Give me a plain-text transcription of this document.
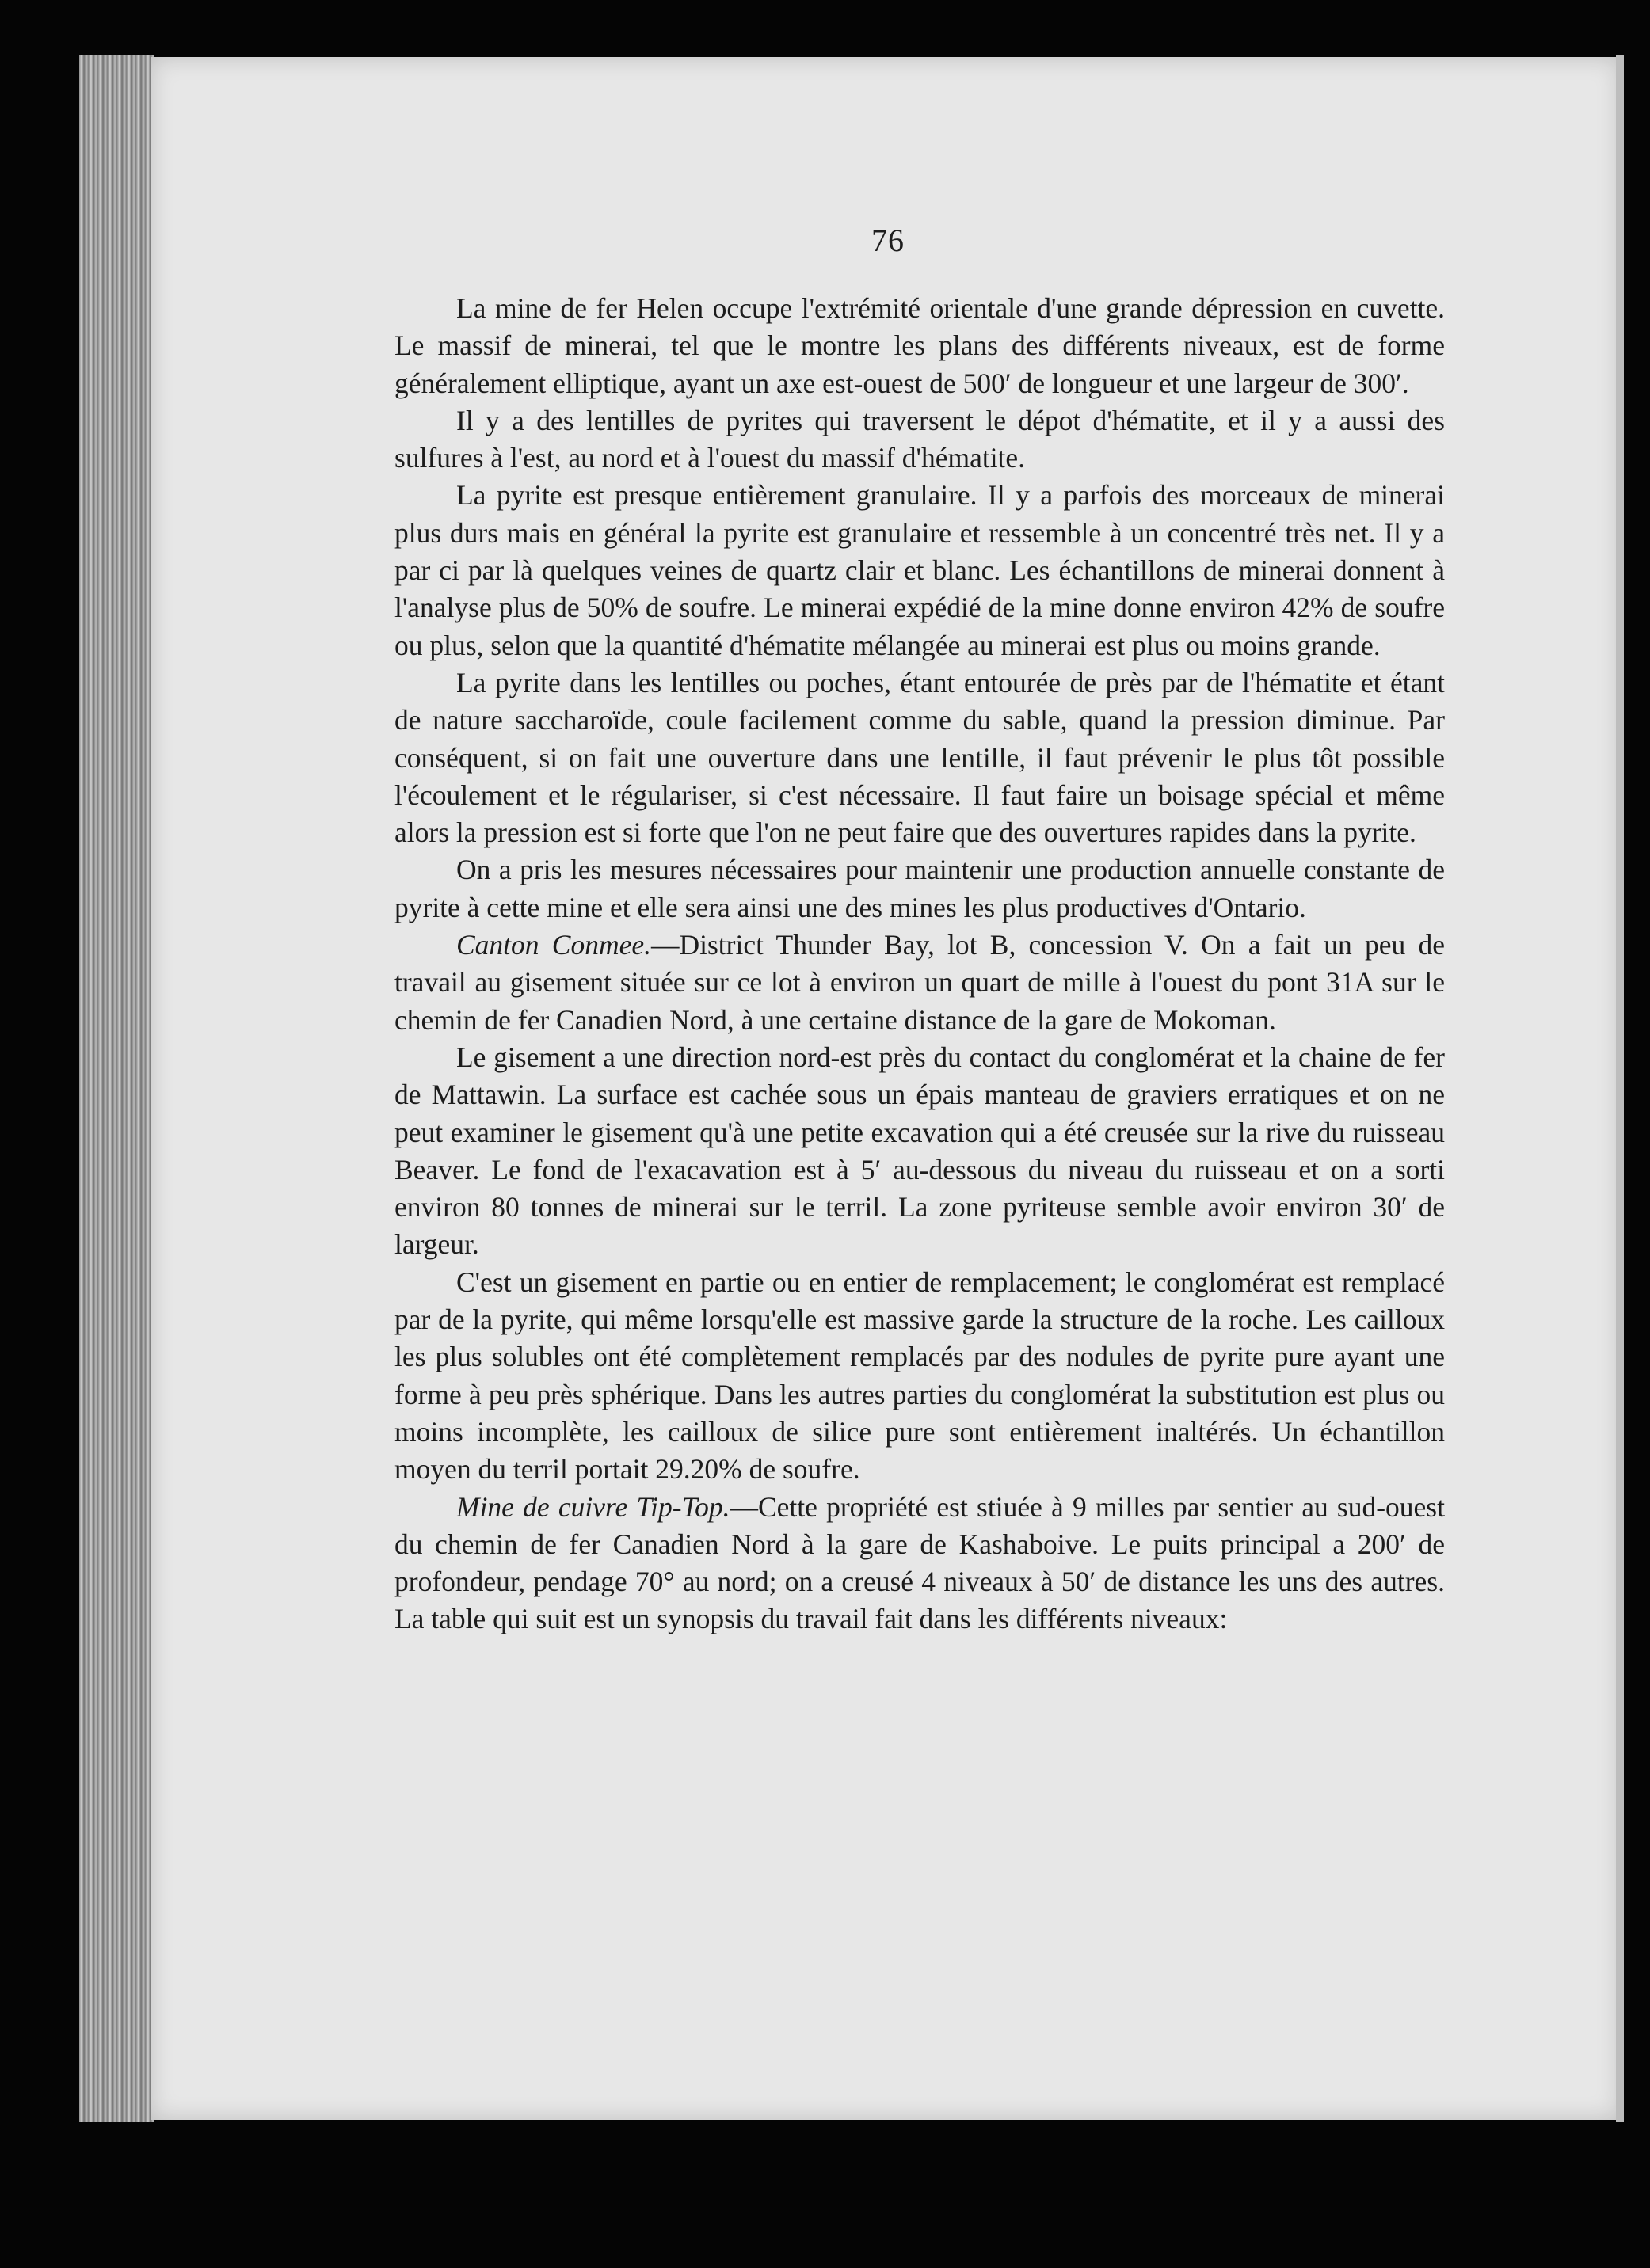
76

La mine de fer Helen occupe l'extrémité orientale d'une grande dépression en cuvette. Le massif de minerai, tel que le montre les plans des différents niveaux, est de forme généralement elliptique, ayant un axe est-ouest de 500′ de longueur et une largeur de 300′.

Il y a des lentilles de pyrites qui traversent le dépot d'hématite, et il y a aussi des sulfures à l'est, au nord et à l'ouest du massif d'hématite.

La pyrite est presque entièrement granulaire. Il y a parfois des morceaux de minerai plus durs mais en général la pyrite est granulaire et ressemble à un concentré très net. Il y a par ci par là quelques veines de quartz clair et blanc. Les échantillons de minerai donnent à l'analyse plus de 50% de soufre. Le minerai expédié de la mine donne environ 42% de soufre ou plus, selon que la quantité d'hématite mélangée au minerai est plus ou moins grande.

La pyrite dans les lentilles ou poches, étant entourée de près par de l'hématite et étant de nature saccharoïde, coule facilement comme du sable, quand la pression diminue. Par conséquent, si on fait une ouverture dans une lentille, il faut prévenir le plus tôt possible l'écoulement et le régulariser, si c'est nécessaire. Il faut faire un boisage spécial et même alors la pression est si forte que l'on ne peut faire que des ouvertures rapides dans la pyrite.

On a pris les mesures nécessaires pour maintenir une production annuelle constante de pyrite à cette mine et elle sera ainsi une des mines les plus productives d'Ontario.

Canton Conmee.—District Thunder Bay, lot B, concession V. On a fait un peu de travail au gisement située sur ce lot à environ un quart de mille à l'ouest du pont 31A sur le chemin de fer Canadien Nord, à une certaine distance de la gare de Mokoman.

Le gisement a une direction nord-est près du contact du conglomérat et la chaine de fer de Mattawin. La surface est cachée sous un épais manteau de graviers erratiques et on ne peut examiner le gisement qu'à une petite excavation qui a été creusée sur la rive du ruisseau Beaver. Le fond de l'exacavation est à 5′ au-dessous du niveau du ruisseau et on a sorti environ 80 tonnes de minerai sur le terril. La zone pyriteuse semble avoir environ 30′ de largeur.

C'est un gisement en partie ou en entier de remplacement; le conglomérat est remplacé par de la pyrite, qui même lorsqu'elle est massive garde la structure de la roche. Les cailloux les plus solubles ont été complètement remplacés par des nodules de pyrite pure ayant une forme à peu près sphérique. Dans les autres parties du conglomérat la substitution est plus ou moins incomplète, les cailloux de silice pure sont entièrement inaltérés. Un échantillon moyen du terril portait 29.20% de soufre.

Mine de cuivre Tip-Top.—Cette propriété est stiuée à 9 milles par sentier au sud-ouest du chemin de fer Canadien Nord à la gare de Kashaboive. Le puits principal a 200′ de profondeur, pendage 70° au nord; on a creusé 4 niveaux à 50′ de distance les uns des autres. La table qui suit est un synopsis du travail fait dans les différents niveaux:
